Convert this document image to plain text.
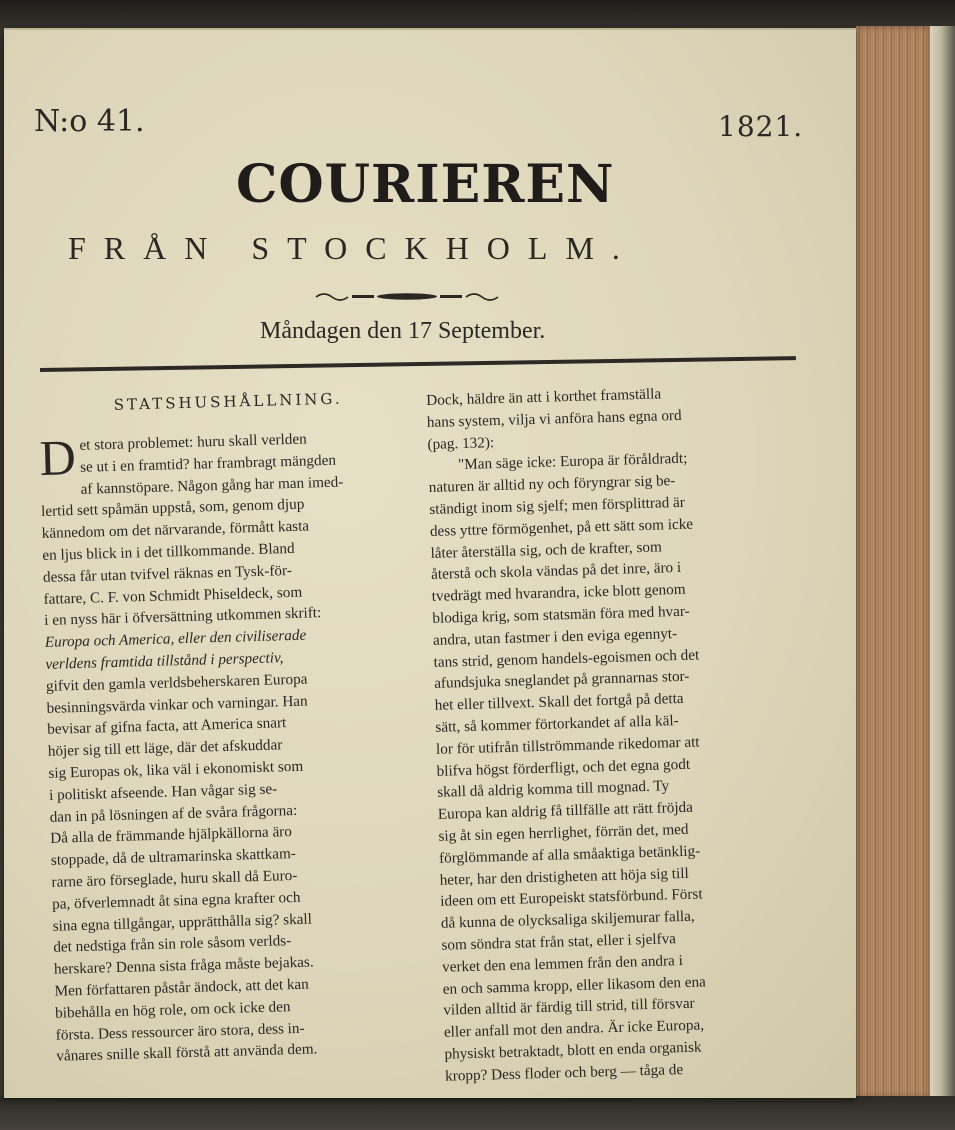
N:o 41.	1821.
COURIEREN
FRÅN STOCKHOLM.
Måndagen den 17 September.
STATSHUSHÅLLNING.
D et stora problemet: huru skall verlden
se ut i en framtid? har frambragt mängden
af kannstöpare. Någon gång har man imed-
lertid sett spåmän uppstå, som, genom djup
kännedom om det närvarande, förmått kasta
en ljus blick in i det tillkommande. Bland
dessa får utan tvifvel räknas en Tysk-för-
fattare, C. F. von Schmidt Phiseldeck, som
i en nyss här i öfversättning utkommen skrift:
Europa och America, eller den civiliserade
verldens framtida tillstånd i perspectiv,
gifvit den gamla verldsbeherskaren Europa
besinningsvärda vinkar och varningar. Han
bevisar af gifna facta, att America snart
höjer sig till ett läge, där det afskuddar
sig Europas ok, lika väl i ekonomiskt som
i politiskt afseende. Han vågar sig se-
dan in på lösningen af de svåra frågorna:
Då alla de främmande hjälpkällorna äro
stoppade, då de ultramarinska skattkam-
rarne äro förseglade, huru skall då Euro-
pa, öfverlemnadt åt sina egna krafter och
sina egna tillgångar, upprätthålla sig? skall
det nedstiga från sin role såsom verlds-
herskare? Denna sista fråga måste bejakas.
Men författaren påstår ändock, att det kan
bibehålla en hög role, om ock icke den
första. Dess ressourcer äro stora, dess in-
vånares snille skall förstå att använda dem.
Dock, häldre än att i korthet framställa
hans system, vilja vi anföra hans egna ord
(pag. 132):
"Man säge icke: Europa är föråldradt;
naturen är alltid ny och föryngrar sig be-
ständigt inom sig sjelf; men försplittrad är
dess yttre förmögenhet, på ett sätt som icke
låter återställa sig, och de krafter, som
återstå och skola vändas på det inre, äro i
tvedrägt med hvarandra, icke blott genom
blodiga krig, som statsmän föra med hvar-
andra, utan fastmer i den eviga egennyt-
tans strid, genom handels-egoismen och det
afundsjuka sneglandet på grannarnas stor-
het eller tillvext. Skall det fortgå på detta
sätt, så kommer förtorkandet af alla käl-
lor för utifrån tillströmmande rikedomar att
blifva högst förderfligt, och det egna godt
skall då aldrig komma till mognad. Ty
Europa kan aldrig få tillfälle att rätt fröjda
sig åt sin egen herrlighet, förrän det, med
förglömmande af alla småaktiga betänklig-
heter, har den dristigheten att höja sig till
ideen om ett Europeiskt statsförbund. Först
då kunna de olycksaliga skiljemurar falla,
som söndra stat från stat, eller i sjelfva
verket den ena lemmen från den andra i
en och samma kropp, eller likasom den ena
vilden alltid är färdig till strid, till försvar
eller anfall mot den andra. Är icke Europa,
physiskt betraktadt, blott en enda organisk
kropp? Dess floder och berg — tåga de
